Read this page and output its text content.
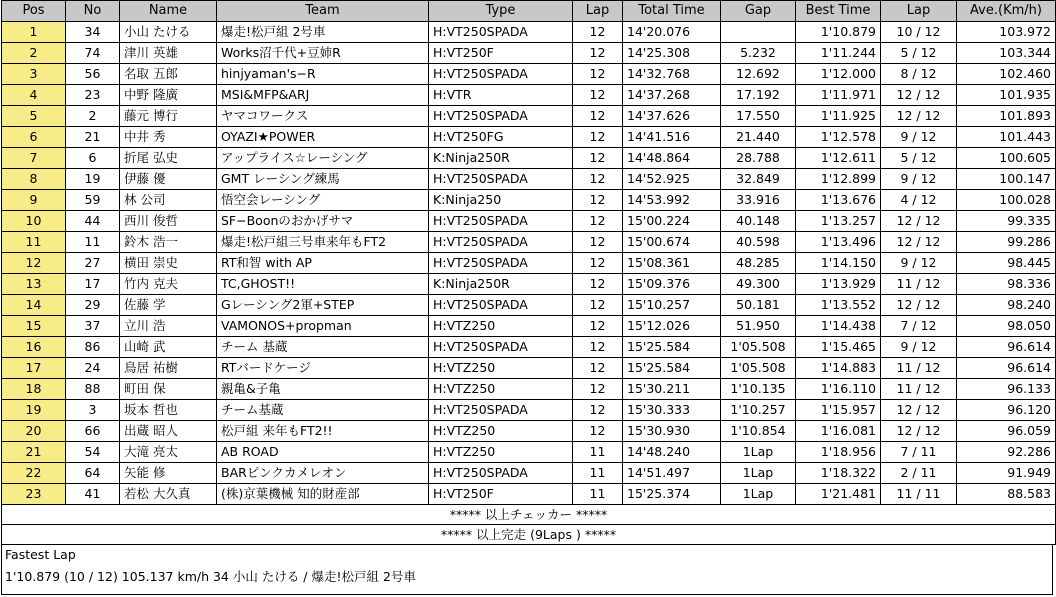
Pos	No	Name	Team	Type	Lap	Total Time	Gap	Best Time	Lap	Ave.(Km/h)
1	34	小山 たける	爆走!松戸組 2号車	H:VT250SPADA	12	14'20.076		1'10.879	10 / 12	103.972
2	74	津川 英雄	Works沼千代+豆姉R	H:VT250F	12	14'25.308	5.232	1'11.244	5 / 12	103.344
3	56	名取 五郎	hinjyaman's−R	H:VT250SPADA	12	14'32.768	12.692	1'12.000	8 / 12	102.460
4	23	中野 隆廣	MSI&MFP&ARJ	H:VTR	12	14'37.268	17.192	1'11.971	12 / 12	101.935
5	2	藤元 博行	ヤマコワークス	H:VT250SPADA	12	14'37.626	17.550	1'11.925	12 / 12	101.893
6	21	中井 秀	OYAZI★POWER	H:VT250FG	12	14'41.516	21.440	1'12.578	9 / 12	101.443
7	6	折尾 弘史	アップライス☆レーシング	K:Ninja250R	12	14'48.864	28.788	1'12.611	5 / 12	100.605
8	19	伊藤 優	GMT レーシング練馬	H:VT250SPADA	12	14'52.925	32.849	1'12.899	9 / 12	100.147
9	59	林 公司	悟空会レーシング	K:Ninja250	12	14'53.992	33.916	1'13.676	4 / 12	100.028
10	44	西川 俊哲	SF−Boonのおかげサマ	H:VT250SPADA	12	15'00.224	40.148	1'13.257	12 / 12	99.335
11	11	鈴木 浩一	爆走!松戸組三号車来年もFT2	H:VT250SPADA	12	15'00.674	40.598	1'13.496	12 / 12	99.286
12	27	横田 崇史	RT和智 with AP	H:VT250SPADA	12	15'08.361	48.285	1'14.150	9 / 12	98.445
13	17	竹内 克夫	TC,GHOST!!	K:Ninja250R	12	15'09.376	49.300	1'13.929	11 / 12	98.336
14	29	佐藤 学	Gレーシング2軍+STEP	H:VT250SPADA	12	15'10.257	50.181	1'13.552	12 / 12	98.240
15	37	立川 浩	VAMONOS+propman	H:VTZ250	12	15'12.026	51.950	1'14.438	7 / 12	98.050
16	86	山崎 武	チーム 基蔵	H:VT250SPADA	12	15'25.584	1'05.508	1'15.465	9 / 12	96.614
17	24	鳥居 祐樹	RTバードケージ	H:VTZ250	12	15'25.584	1'05.508	1'14.883	11 / 12	96.614
18	88	町田 保	親亀&子亀	H:VTZ250	12	15'30.211	1'10.135	1'16.110	11 / 12	96.133
19	3	坂本 哲也	チーム基蔵	H:VT250SPADA	12	15'30.333	1'10.257	1'15.957	12 / 12	96.120
20	66	出蔵 昭人	松戸組 来年もFT2!!	H:VTZ250	12	15'30.930	1'10.854	1'16.081	12 / 12	96.059
21	54	大滝 亮太	AB ROAD	H:VTZ250	11	14'48.240	1Lap	1'18.956	7 / 11	92.286
22	64	矢能 修	BARピンクカメレオン	H:VT250SPADA	11	14'51.497	1Lap	1'18.322	2 / 11	91.949
23	41	若松 大久真	(株)京葉機械 知的財産部	H:VT250F	11	15'25.374	1Lap	1'21.481	11 / 11	88.583
***** 以上チェッカー *****										
***** 以上完走 (9Laps ) *****										
Fastest Lap
1'10.879 (10 / 12) 105.137 km/h 34 小山 たける / 爆走!松戸組 2号車
